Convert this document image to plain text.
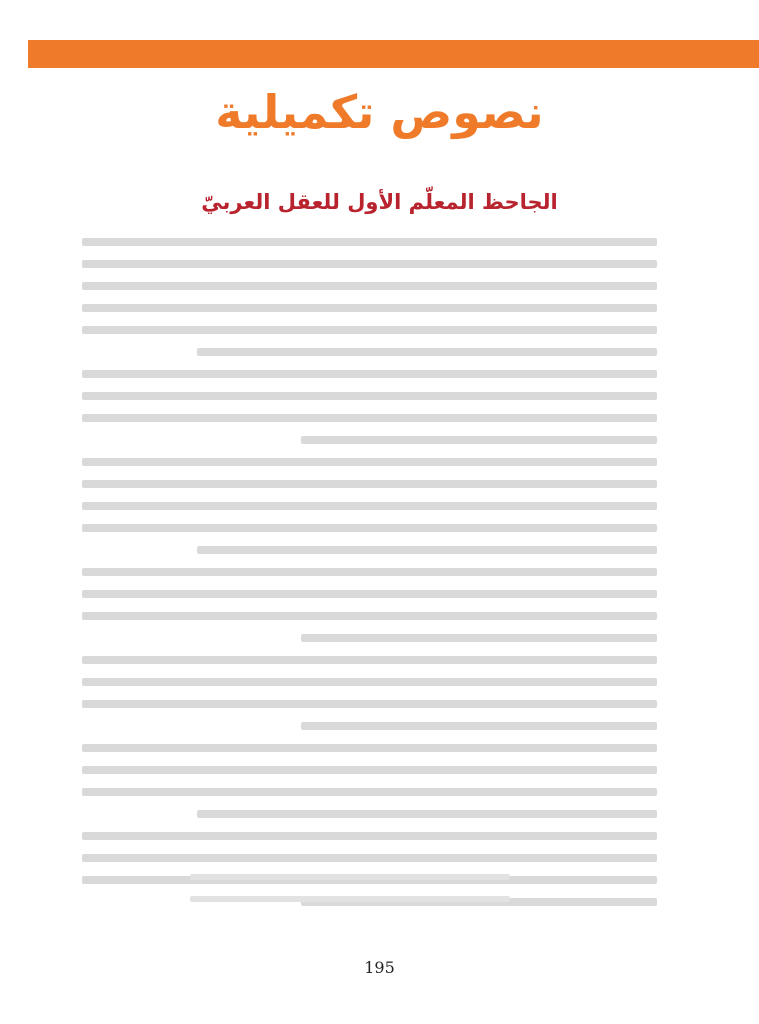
نصوص تكميلية
الجاحظ المعلّم الأول للعقل العربيّ
195
